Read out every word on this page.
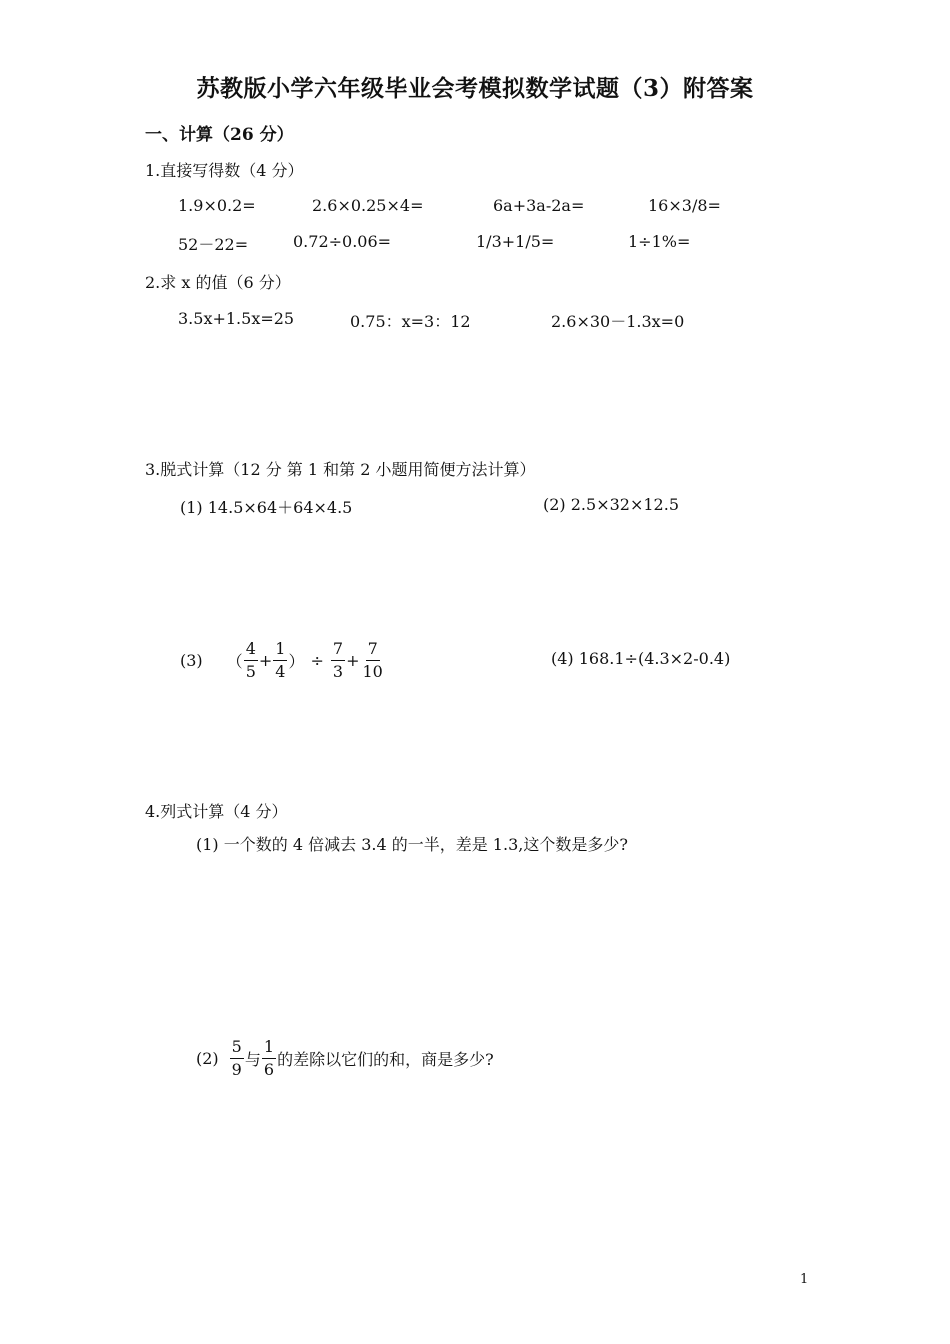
苏教版小学六年级毕业会考模拟数学试题（3）附答案
一、计算（26 分）
1.直接写得数（4 分）
1.9×0.2=	2.6×0.25×4=	6a+3a-2a=	16×3/8=
52－22=	0.72÷0.06=	1/3+1/5=	1÷1%=
2.求 x 的值（6 分）
3.5x+1.5x=25	0.75：x=3：12	2.6×30－1.3x=0
3.脱式计算（12 分 第 1 和第 2 小题用简便方法计算）
(1) 14.5×64＋64×4.5	(2) 2.5×32×12.5
(3) （ $\frac{4}{5} + \frac{1}{4}$ ） ÷ $\frac{7}{3} + \frac{7}{10}$	(4) 168.1÷(4.3×2-0.4)
4.列式计算（4 分）
(1) 一个数的 4 倍减去 3.4 的一半，差是 1.3,这个数是多少?
$(2) \frac{5}{9}$ 与 $\frac{1}{6}$ 的差除以它们的和，商是多少?
1
